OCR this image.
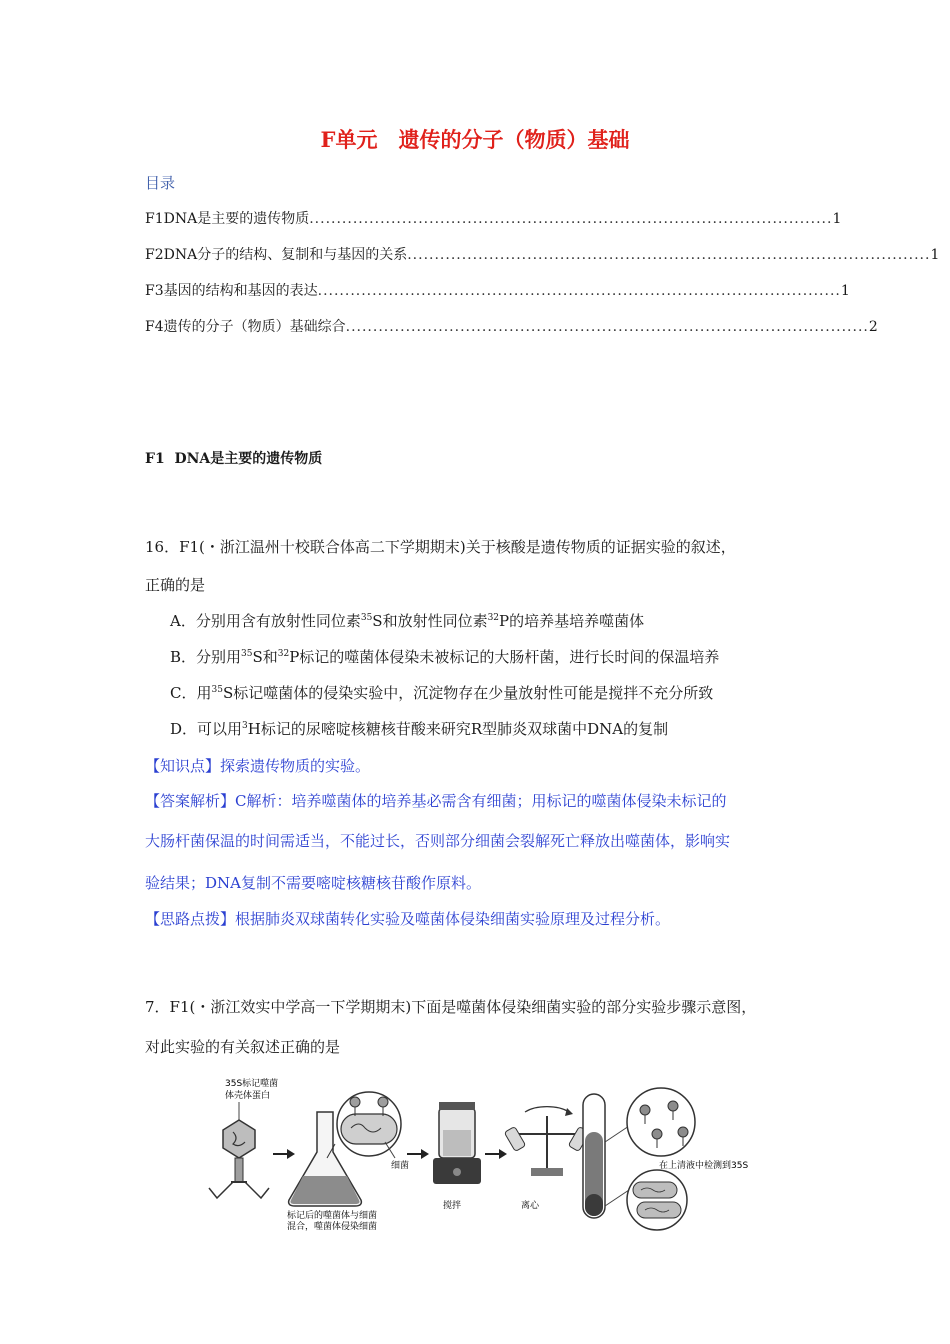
F单元　遗传的分子（物质）基础
目录
F1 DNA是主要的遗传物质 ................................................................................................ 1
F2 DNA分子的结构、复制和与基因的关系 ................................................................................................ 1
F3 基因的结构和基因的表达 ................................................................................................ 1
F4 遗传的分子（物质）基础综合 ................................................................................................ 2
F1 DNA是主要的遗传物质
16．F1(・浙江温州十校联合体高二下学期期末)关于核酸是遗传物质的证据实验的叙述，
正确的是
A．分别用含有放射性同位素$^{35}$S和放射性同位素$^{32}$P的培养基培养噬菌体
B．分别用$^{35}$S和$^{32}$P标记的噬菌体侵染未被标记的大肠杆菌，进行长时间的保温培养
C．用$^{35}$S标记噬菌体的侵染实验中，沉淀物存在少量放射性可能是搅拌不充分所致
D．可以用$^3$H标记的尿嘧啶核糖核苷酸来研究R型肺炎双球菌中DNA的复制
【知识点】探索遗传物质的实验。
【答案解析】C解析：培养噬菌体的培养基必需含有细菌；用标记的噬菌体侵染未标记的
大肠杆菌保温的时间需适当，不能过长，否则部分细菌会裂解死亡释放出噬菌体，影响实
验结果；DNA复制不需要嘧啶核糖核苷酸作原料。
【思路点拨】根据肺炎双球菌转化实验及噬菌体侵染细菌实验原理及过程分析。
7．F1(・浙江效实中学高一下学期期末)下面是噬菌体侵染细菌实验的部分实验步骤示意图，
对此实验的有关叙述正确的是
35S标记噬菌
体壳体蛋白
标记后的噬菌体与细菌
混合，噬菌体侵染细菌
细菌
搅拌	离心
在上清液中检测到35S
